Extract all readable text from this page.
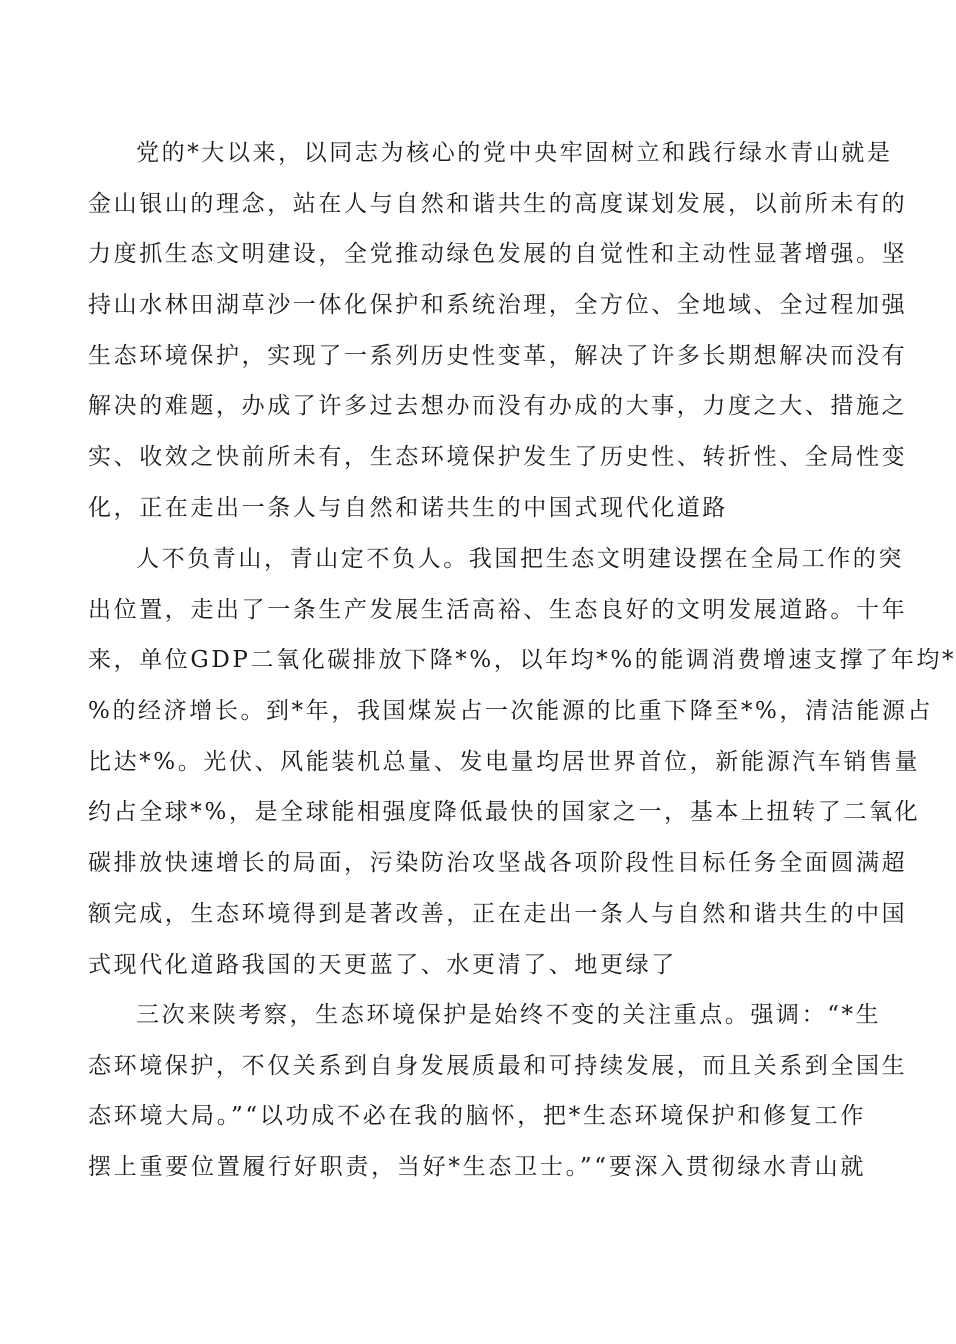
党的*大以来，以同志为核心的党中央牢固树立和践行绿水青山就是
金山银山的理念，站在人与自然和谐共生的高度谋划发展，以前所未有的
力度抓生态文明建设，全党推动绿色发展的自觉性和主动性显著增强。坚
持山水林田湖草沙一体化保护和系统治理，全方位、全地域、全过程加强
生态环境保护，实现了一系列历史性变革，解决了许多长期想解决而没有
解决的难题，办成了许多过去想办而没有办成的大事，力度之大、措施之
实、收效之快前所未有，生态环境保护发生了历史性、转折性、全局性变
化，正在走出一条人与自然和诺共生的中国式现代化道路
人不负青山，青山定不负人。我国把生态文明建设摆在全局工作的突
出位置，走出了一条生产发展生活高裕、生态良好的文明发展道路。十年
来，单位GDP二氧化碳排放下降*%，以年均*%的能调消费增速支撑了年均*
%的经济增长。到*年，我国煤炭占一次能源的比重下降至*%，清洁能源占
比达*%。光伏、风能装机总量、发电量均居世界首位，新能源汽车销售量
约占全球*%，是全球能相强度降低最快的国家之一，基本上扭转了二氧化
碳排放快速增长的局面，污染防治攻坚战各项阶段性目标任务全面圆满超
额完成，生态环境得到是著改善，正在走出一条人与自然和谐共生的中国
式现代化道路我国的天更蓝了、水更清了、地更绿了
三次来陕考察，生态环境保护是始终不变的关注重点。强调：“*生
态环境保护，不仅关系到自身发展质最和可持续发展，而且关系到全国生
态环境大局。”“以功成不必在我的脑怀，把*生态环境保护和修复工作
摆上重要位置履行好职责，当好*生态卫士。”“要深入贯彻绿水青山就
